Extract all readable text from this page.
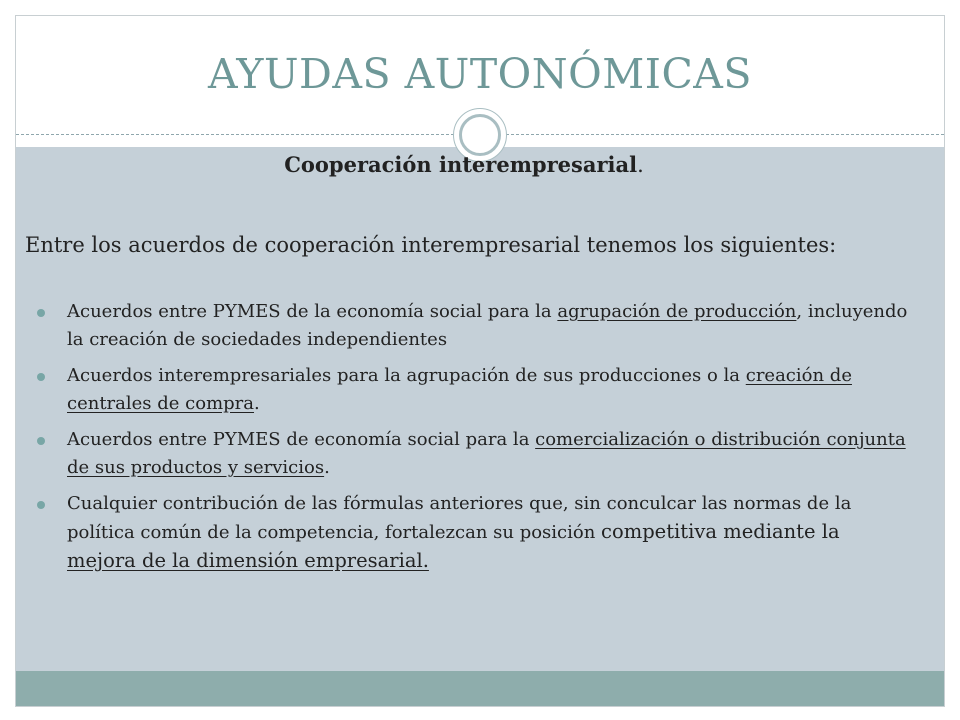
AYUDAS AUTONÓMICAS
Cooperación interempresarial.
Entre los acuerdos de cooperación interempresarial tenemos los siguientes:
Acuerdos entre PYMES de la economía social para la agrupación de producción, incluyendo la creación de sociedades independientes
Acuerdos interempresariales para la agrupación de sus producciones o la creación de centrales de compra.
Acuerdos entre PYMES de economía social para la comercialización o distribución conjunta de sus productos y servicios.
Cualquier contribución de las fórmulas anteriores que, sin conculcar las normas de la política común de la competencia, fortalezcan su posición competitiva mediante la mejora de la dimensión empresarial.
